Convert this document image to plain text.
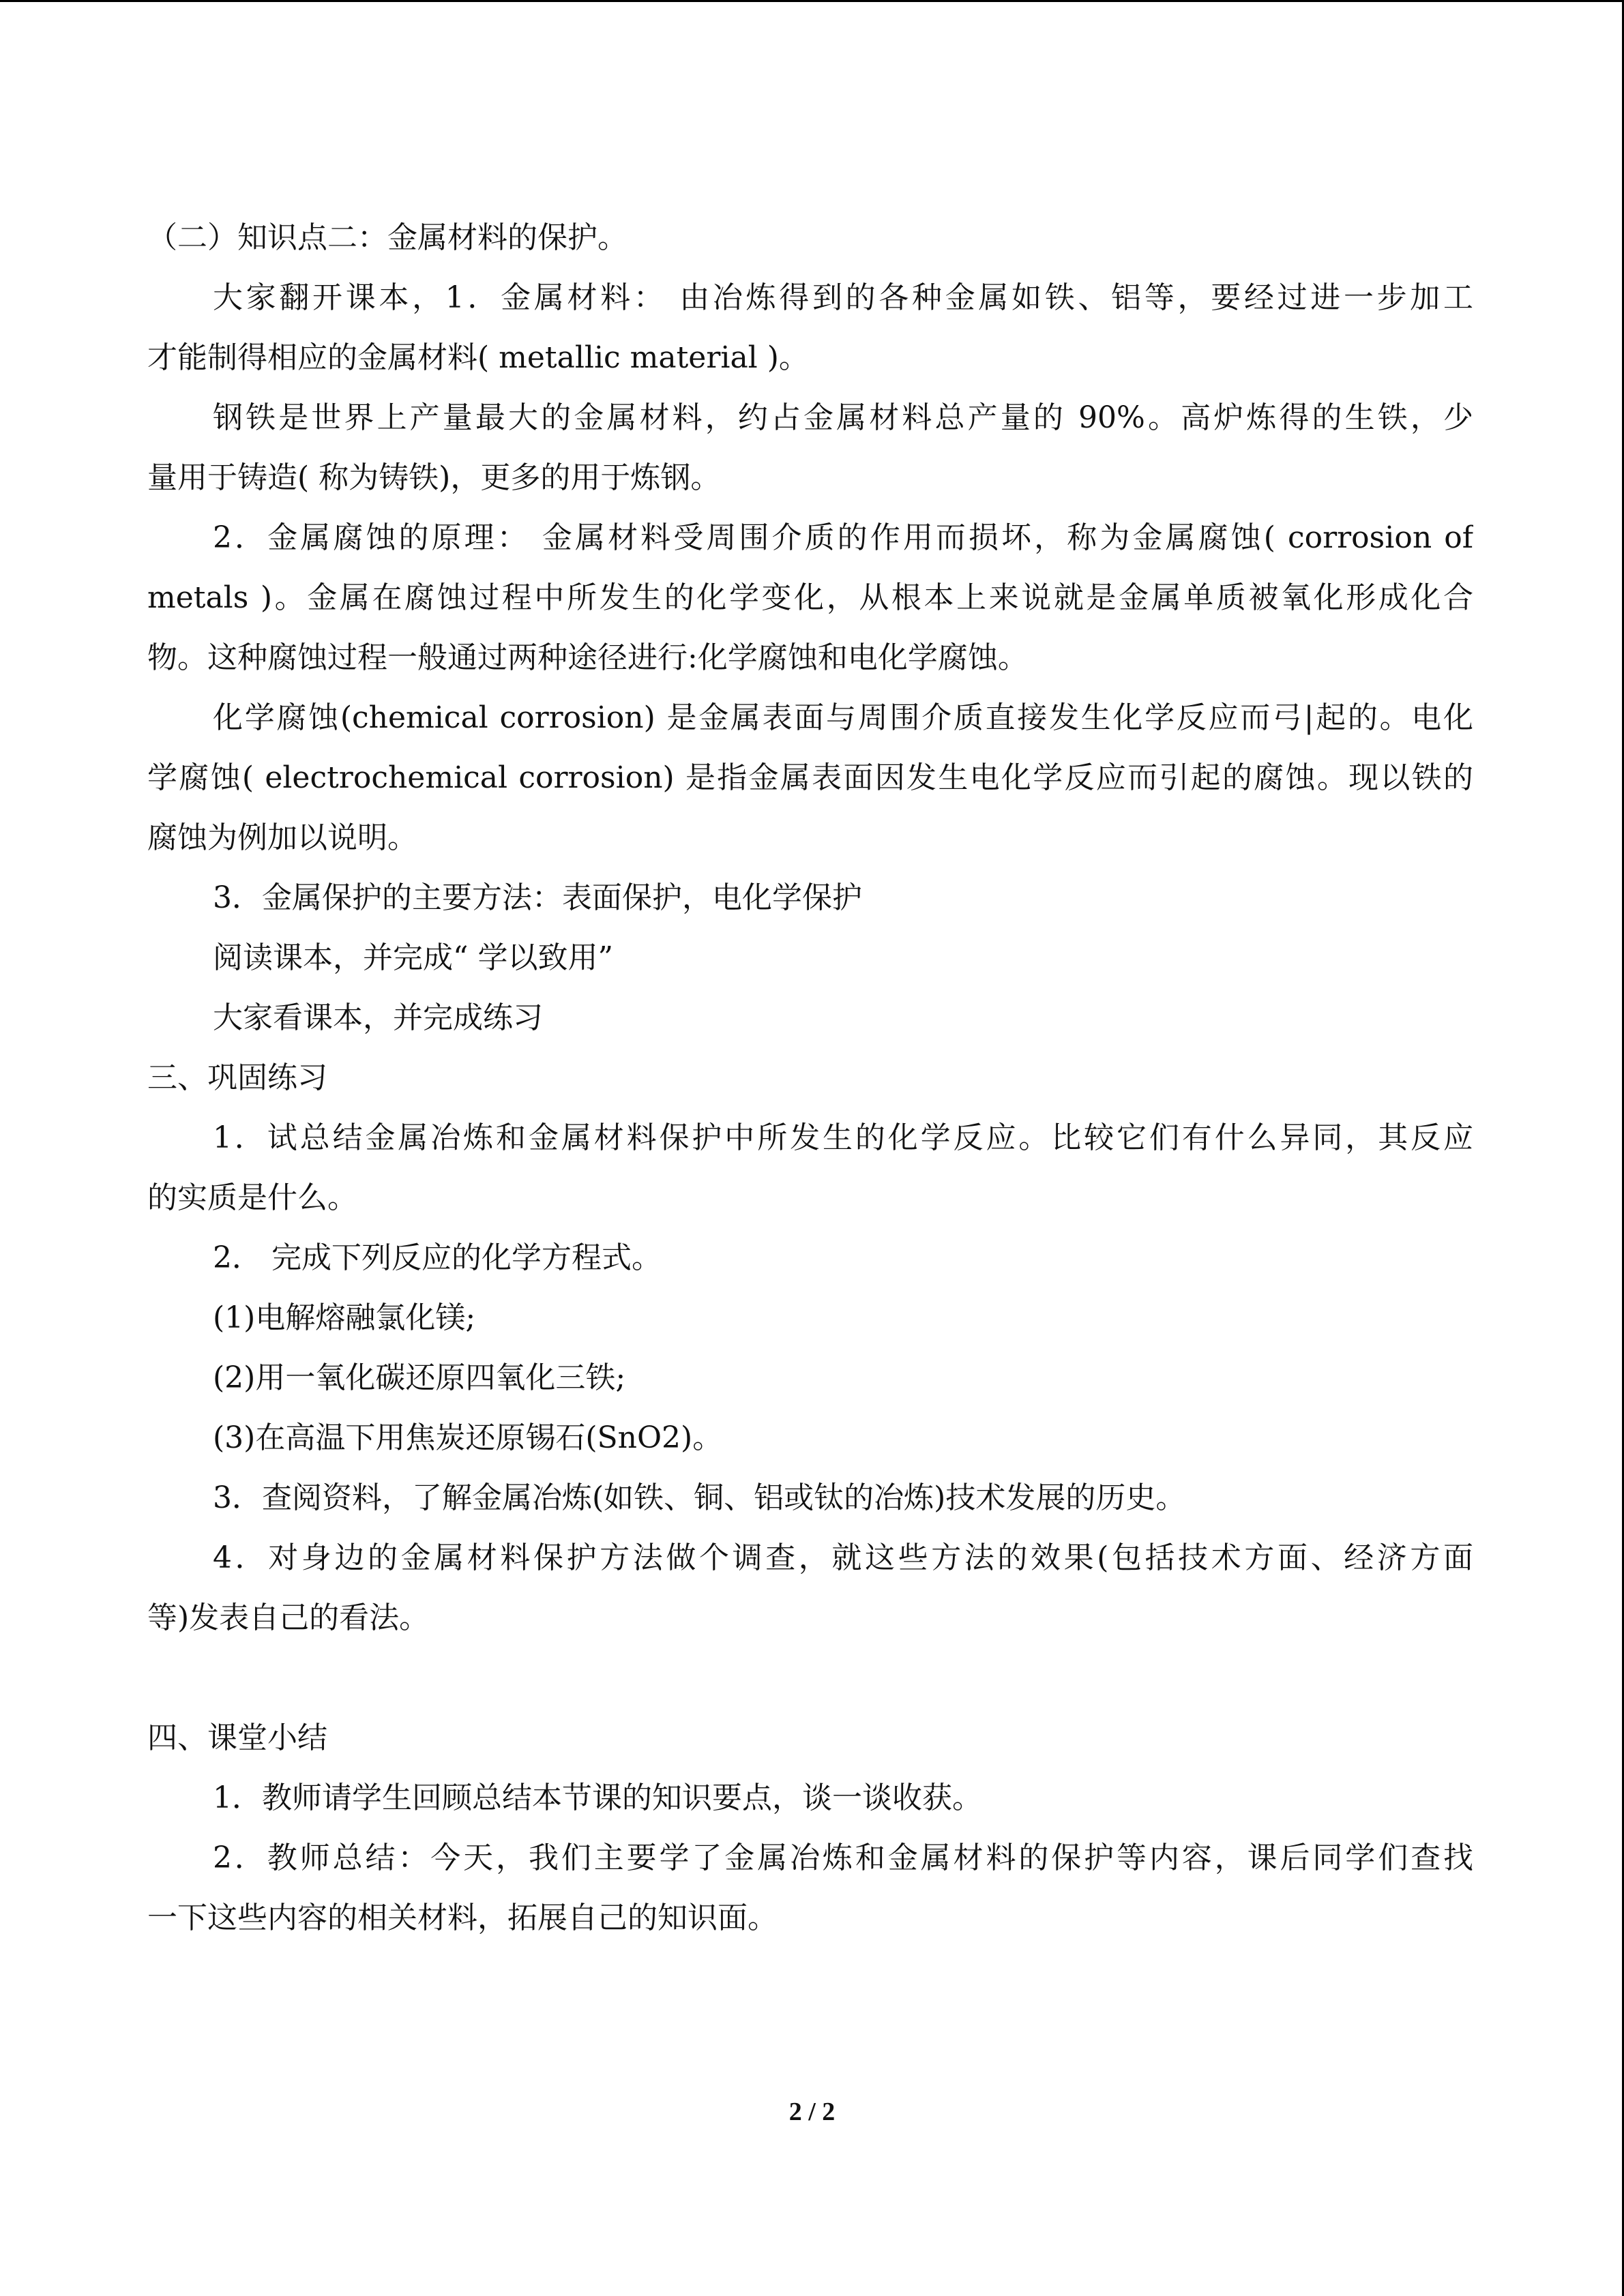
（二）知识点二：金属材料的保护。
大家翻开课本，1．金属材料： 由冶炼得到的各种金属如铁、铝等，要经过进一步加工
才能制得相应的金属材料( metallic material )。
钢铁是世界上产量最大的金属材料，约占金属材料总产量的 90%。高炉炼得的生铁，少
量用于铸造( 称为铸铁)，更多的用于炼钢。
2．金属腐蚀的原理： 金属材料受周围介质的作用而损坏，称为金属腐蚀( corrosion of
metals )。金属在腐蚀过程中所发生的化学变化，从根本上来说就是金属单质被氧化形成化合
物。这种腐蚀过程一般通过两种途径进行:化学腐蚀和电化学腐蚀。
化学腐蚀(chemical corrosion) 是金属表面与周围介质直接发生化学反应而弓|起的。电化
学腐蚀( electrochemical corrosion) 是指金属表面因发生电化学反应而引起的腐蚀。现以铁的
腐蚀为例加以说明。
3．金属保护的主要方法：表面保护，电化学保护
阅读课本，并完成“ 学以致用”
大家看课本，并完成练习
三、巩固练习
1．试总结金属冶炼和金属材料保护中所发生的化学反应。比较它们有什么异同，其反应
的实质是什么。
2． 完成下列反应的化学方程式。
(1)电解熔融氯化镁;
(2)用一氧化碳还原四氧化三铁;
(3)在高温下用焦炭还原锡石(SnO2)。
3．查阅资料，了解金属冶炼(如铁、铜、铝或钛的冶炼)技术发展的历史。
4．对身边的金属材料保护方法做个调查，就这些方法的效果(包括技术方面、经济方面
等)发表自己的看法。
四、课堂小结
1．教师请学生回顾总结本节课的知识要点，谈一谈收获。
2．教师总结：今天，我们主要学了金属冶炼和金属材料的保护等内容，课后同学们查找
一下这些内容的相关材料，拓展自己的知识面。
2 / 2
